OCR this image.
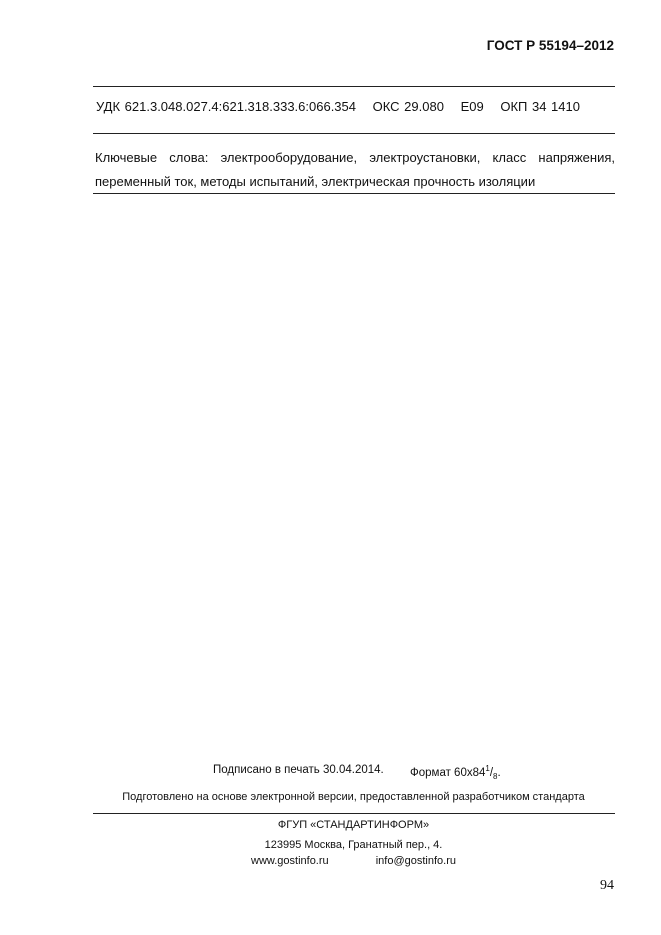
ГОСТ Р 55194–2012
УДК 621.3.048.027.4:621.318.333.6:066.354 ОКС 29.080 Е09 ОКП 34 1410
Ключевые слова: электрооборудование, электроустановки, класс напряжения,
переменный ток, методы испытаний, электрическая прочность изоляции
Подписано в печать 30.04.2014. Формат $60x84^1/_8$.
Подготовлено на основе электронной версии, предоставленной разработчиком стандарта
ФГУП «СТАНДАРТИНФОРМ»
123995 Москва, Гранатный пер., 4.
www.gostinfo.ru	info@gostinfo.ru
94
